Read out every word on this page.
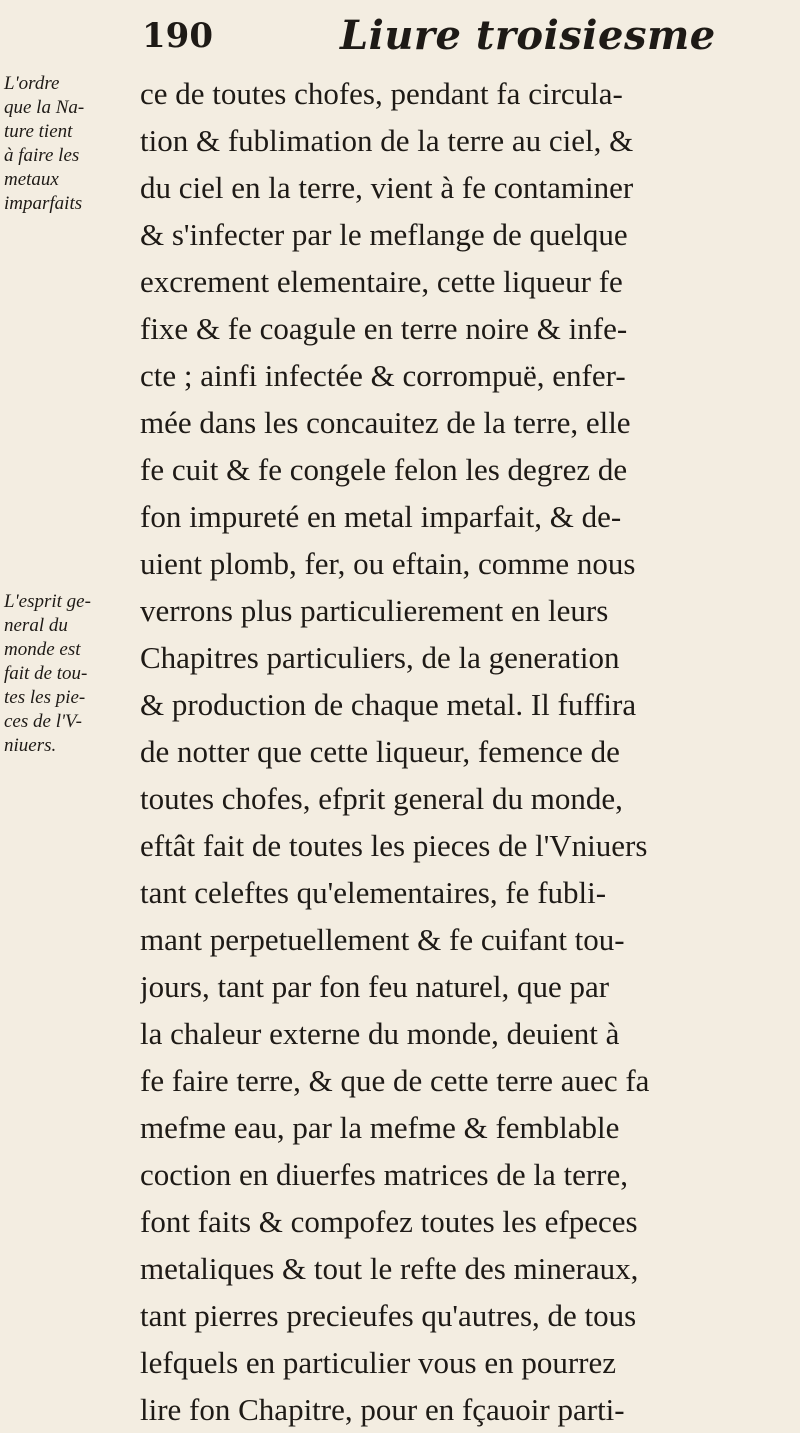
190	Liure troisiesme
L'ordre
que la Na-
ture tient
à faire les
metaux
imparfaits
L'esprit ge-
neral du
monde est
fait de tou-
tes les pie-
ces de l'V-
niuers.
ce de toutes chofes, pendant fa circula-
tion & fublimation de la terre au ciel, &
du ciel en la terre, vient à fe contaminer
& s'infecter par le meflange de quelque
excrement elementaire, cette liqueur fe
fixe & fe coagule en terre noire & infe-
cte ; ainfi infectée & corrompuë, enfer-
mée dans les concauitez de la terre, elle
fe cuit & fe congele felon les degrez de
fon impureté en metal imparfait, & de-
uient plomb, fer, ou eftain, comme nous
verrons plus particulierement en leurs
Chapitres particuliers, de la generation
& production de chaque metal. Il fuffira
de notter que cette liqueur, femence de
toutes chofes, efprit general du monde,
eftât fait de toutes les pieces de l'Vniuers
tant celeftes qu'elementaires, fe fubli-
mant perpetuellement & fe cuifant tou-
jours, tant par fon feu naturel, que par
la chaleur externe du monde, deuient à
fe faire terre, & que de cette terre auec fa
mefme eau, par la mefme & femblable
coction en diuerfes matrices de la terre,
font faits & compofez toutes les efpeces
metaliques & tout le refte des mineraux,
tant pierres precieufes qu'autres, de tous
lefquels en particulier vous en pourrez
lire fon Chapitre, pour en fçauoir parti-
